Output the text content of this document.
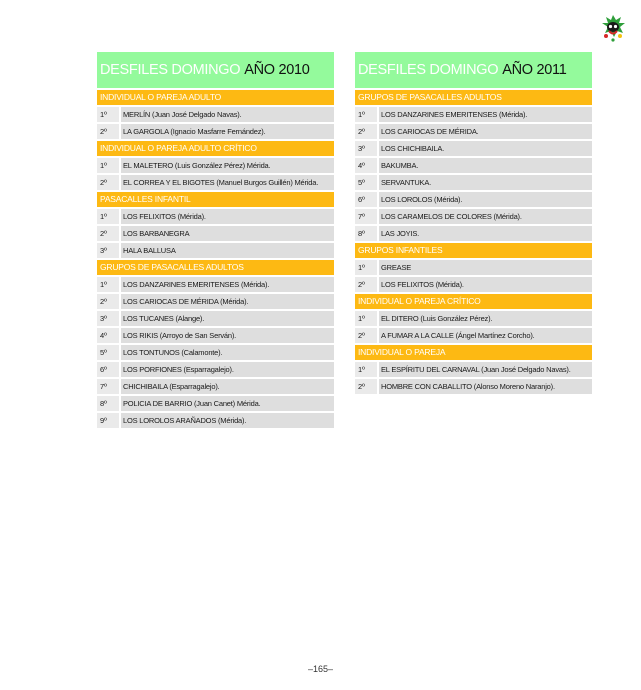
DESFILES DOMINGO AÑO 2010
INDIVIDUAL O PAREJA ADULTO
1º	MERLÍN (Juan José Delgado Navas).
2º	LA GARGOLA (Ignacio Masfarre Fernández).
INDIVIDUAL O PAREJA ADULTO CRÍTICO
1º	EL MALETERO (Luis González Pérez) Mérida.
2º	EL CORREA Y EL BIGOTES (Manuel Burgos Guillén) Mérida.
PASACALLES INFANTIL
1º	LOS FELIXITOS (Mérida).
2º	LOS BARBANEGRA
3º	HALA BALLUSA
GRUPOS DE PASACALLES ADULTOS
1º	LOS DANZARINES EMERITENSES (Mérida).
2º	LOS CARIOCAS DE MÉRIDA (Mérida).
3º	LOS TUCANES (Alange).
4º	LOS RIKIS (Arroyo de San Serván).
5º	LOS TONTUNOS (Calamonte).
6º	LOS PORFIONES (Esparragalejo).
7º	CHICHIBAILA (Esparragalejo).
8º	POLICIA DE BARRIO (Juan Canet) Mérida.
9º	LOS LOROLOS ARAÑADOS (Mérida).
DESFILES DOMINGO AÑO 2011
GRUPOS DE PASACALLES ADULTOS
1º	LOS DANZARINES EMERITENSES (Mérida).
2º	LOS CARIOCAS DE MÉRIDA.
3º	LOS CHICHIBAILA.
4º	BAKUMBA.
5º	SERVANTUKA.
6º	LOS LOROLOS (Mérida).
7º	LOS CARAMELOS DE COLORES (Mérida).
8º	LAS JOYIS.
GRUPOS INFANTILES
1º	GREASE
2º	LOS FELIXITOS (Mérida).
INDIVIDUAL O PAREJA CRÍTICO
1º	EL DITERO (Luis González Pérez).
2º	A FUMAR A LA CALLE (Ángel Martínez Corcho).
INDIVIDUAL O PAREJA
1º	EL ESPÍRITU DEL CARNAVAL (Juan José Delgado Navas).
2º	HOMBRE CON CABALLITO (Alonso Moreno Naranjo).
–165–
